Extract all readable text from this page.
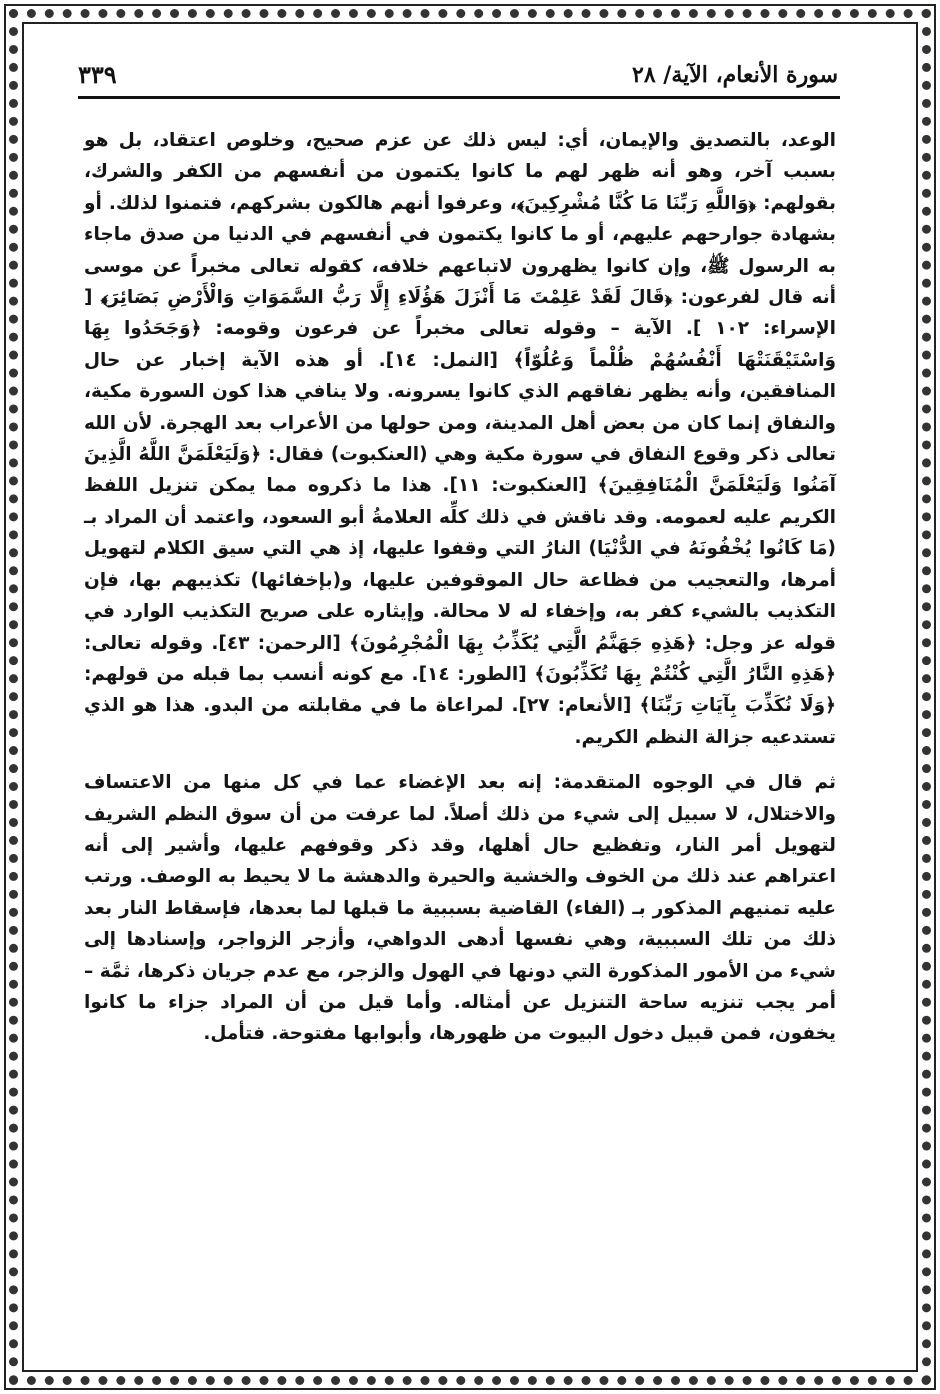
سورة الأنعام، الآية/ ٢٨
٣٣٩

الوعد، بالتصديق والإيمان، أي: ليس ذلك عن عزم صحيح، وخلوص اعتقاد، بل هو بسبب آخر، وهو أنه ظهر لهم ما كانوا يكتمون من أنفسهم من الكفر والشرك، بقولهم: ﴿وَاللَّهِ رَبِّنَا مَا كُنَّا مُشْرِكِينَ﴾، وعرفوا أنهم هالكون بشركهم، فتمنوا لذلك. أو بشهادة جوارحهم عليهم، أو ما كانوا يكتمون في أنفسهم في الدنيا من صدق ماجاء به الرسول ﷺ، وإن كانوا يظهرون لاتباعهم خلافه، كقوله تعالى مخبراً عن موسى أنه قال لفرعون: ﴿قَالَ لَقَدْ عَلِمْتَ مَا أَنْزَلَ هَؤُلَاءِ إِلَّا رَبُّ السَّمَوَاتِ وَالْأَرْضِ بَصَائِرَ﴾ [ الإسراء: ١٠٢ ]. الآية – وقوله تعالى مخبراً عن فرعون وقومه: ﴿وَجَحَدُوا بِهَا وَاسْتَيْقَنَتْهَا أَنْفُسُهُمْ ظُلْماً وَعُلُوّاً﴾ [النمل: ١٤]. أو هذه الآية إخبار عن حال المنافقين، وأنه يظهر نفاقهم الذي كانوا يسرونه. ولا ينافي هذا كون السورة مكية، والنفاق إنما كان من بعض أهل المدينة، ومن حولها من الأعراب بعد الهجرة. لأن الله تعالى ذكر وقوع النفاق في سورة مكية وهي (العنكبوت) فقال: ﴿وَلَيَعْلَمَنَّ اللَّهُ الَّذِينَ آمَنُوا وَلَيَعْلَمَنَّ الْمُنَافِقِينَ﴾ [العنكبوت: ١١]. هذا ما ذكروه مما يمكن تنزيل اللفظ الكريم عليه لعمومه. وقد ناقش في ذلك كلِّه العلامةُ أبو السعود، واعتمد أن المراد بـ (مَا كَانُوا يُخْفُونَهُ في الدُّنْيَا) النارُ التي وقفوا عليها، إذ هي التي سيق الكلام لتهويل أمرها، والتعجيب من فظاعة حال الموقوفين عليها، و(بإخفائها) تكذيبهم بها، فإن التكذيب بالشيء كفر به، وإخفاء له لا محالة. وإيثاره على صريح التكذيب الوارد في قوله عز وجل: ﴿هَذِهِ جَهَنَّمُ الَّتِي يُكَذِّبُ بِهَا الْمُجْرِمُونَ﴾ [الرحمن: ٤٣]. وقوله تعالى: ﴿هَذِهِ النَّارُ الَّتِي كُنْتُمْ بِهَا تُكَذِّبُونَ﴾ [الطور: ١٤]. مع كونه أنسب بما قبله من قولهم: ﴿وَلَا نُكَذِّبَ بِآيَاتِ رَبِّنَا﴾ [الأنعام: ٢٧]. لمراعاة ما في مقابلته من البدو. هذا هو الذي تستدعيه جزالة النظم الكريم.

ثم قال في الوجوه المتقدمة: إنه بعد الإغضاء عما في كل منها من الاعتساف والاختلال، لا سبيل إلى شيء من ذلك أصلاً. لما عرفت من أن سوق النظم الشريف لتهويل أمر النار، وتفظيع حال أهلها، وقد ذكر وقوفهم عليها، وأشير إلى أنه اعتراهم عند ذلك من الخوف والخشية والحيرة والدهشة ما لا يحيط به الوصف. ورتب عليه تمنيهم المذكور بـ (الفاء) القاضية بسببية ما قبلها لما بعدها، فإسقاط النار بعد ذلك من تلك السببية، وهي نفسها أدهى الدواهي، وأزجر الزواجر، وإسنادها إلى شيء من الأمور المذكورة التي دونها في الهول والزجر، مع عدم جريان ذكرها، ثمَّة – أمر يجب تنزيه ساحة التنزيل عن أمثاله. وأما قيل من أن المراد جزاء ما كانوا يخفون، فمن قبيل دخول البيوت من ظهورها، وأبوابها مفتوحة. فتأمل.
